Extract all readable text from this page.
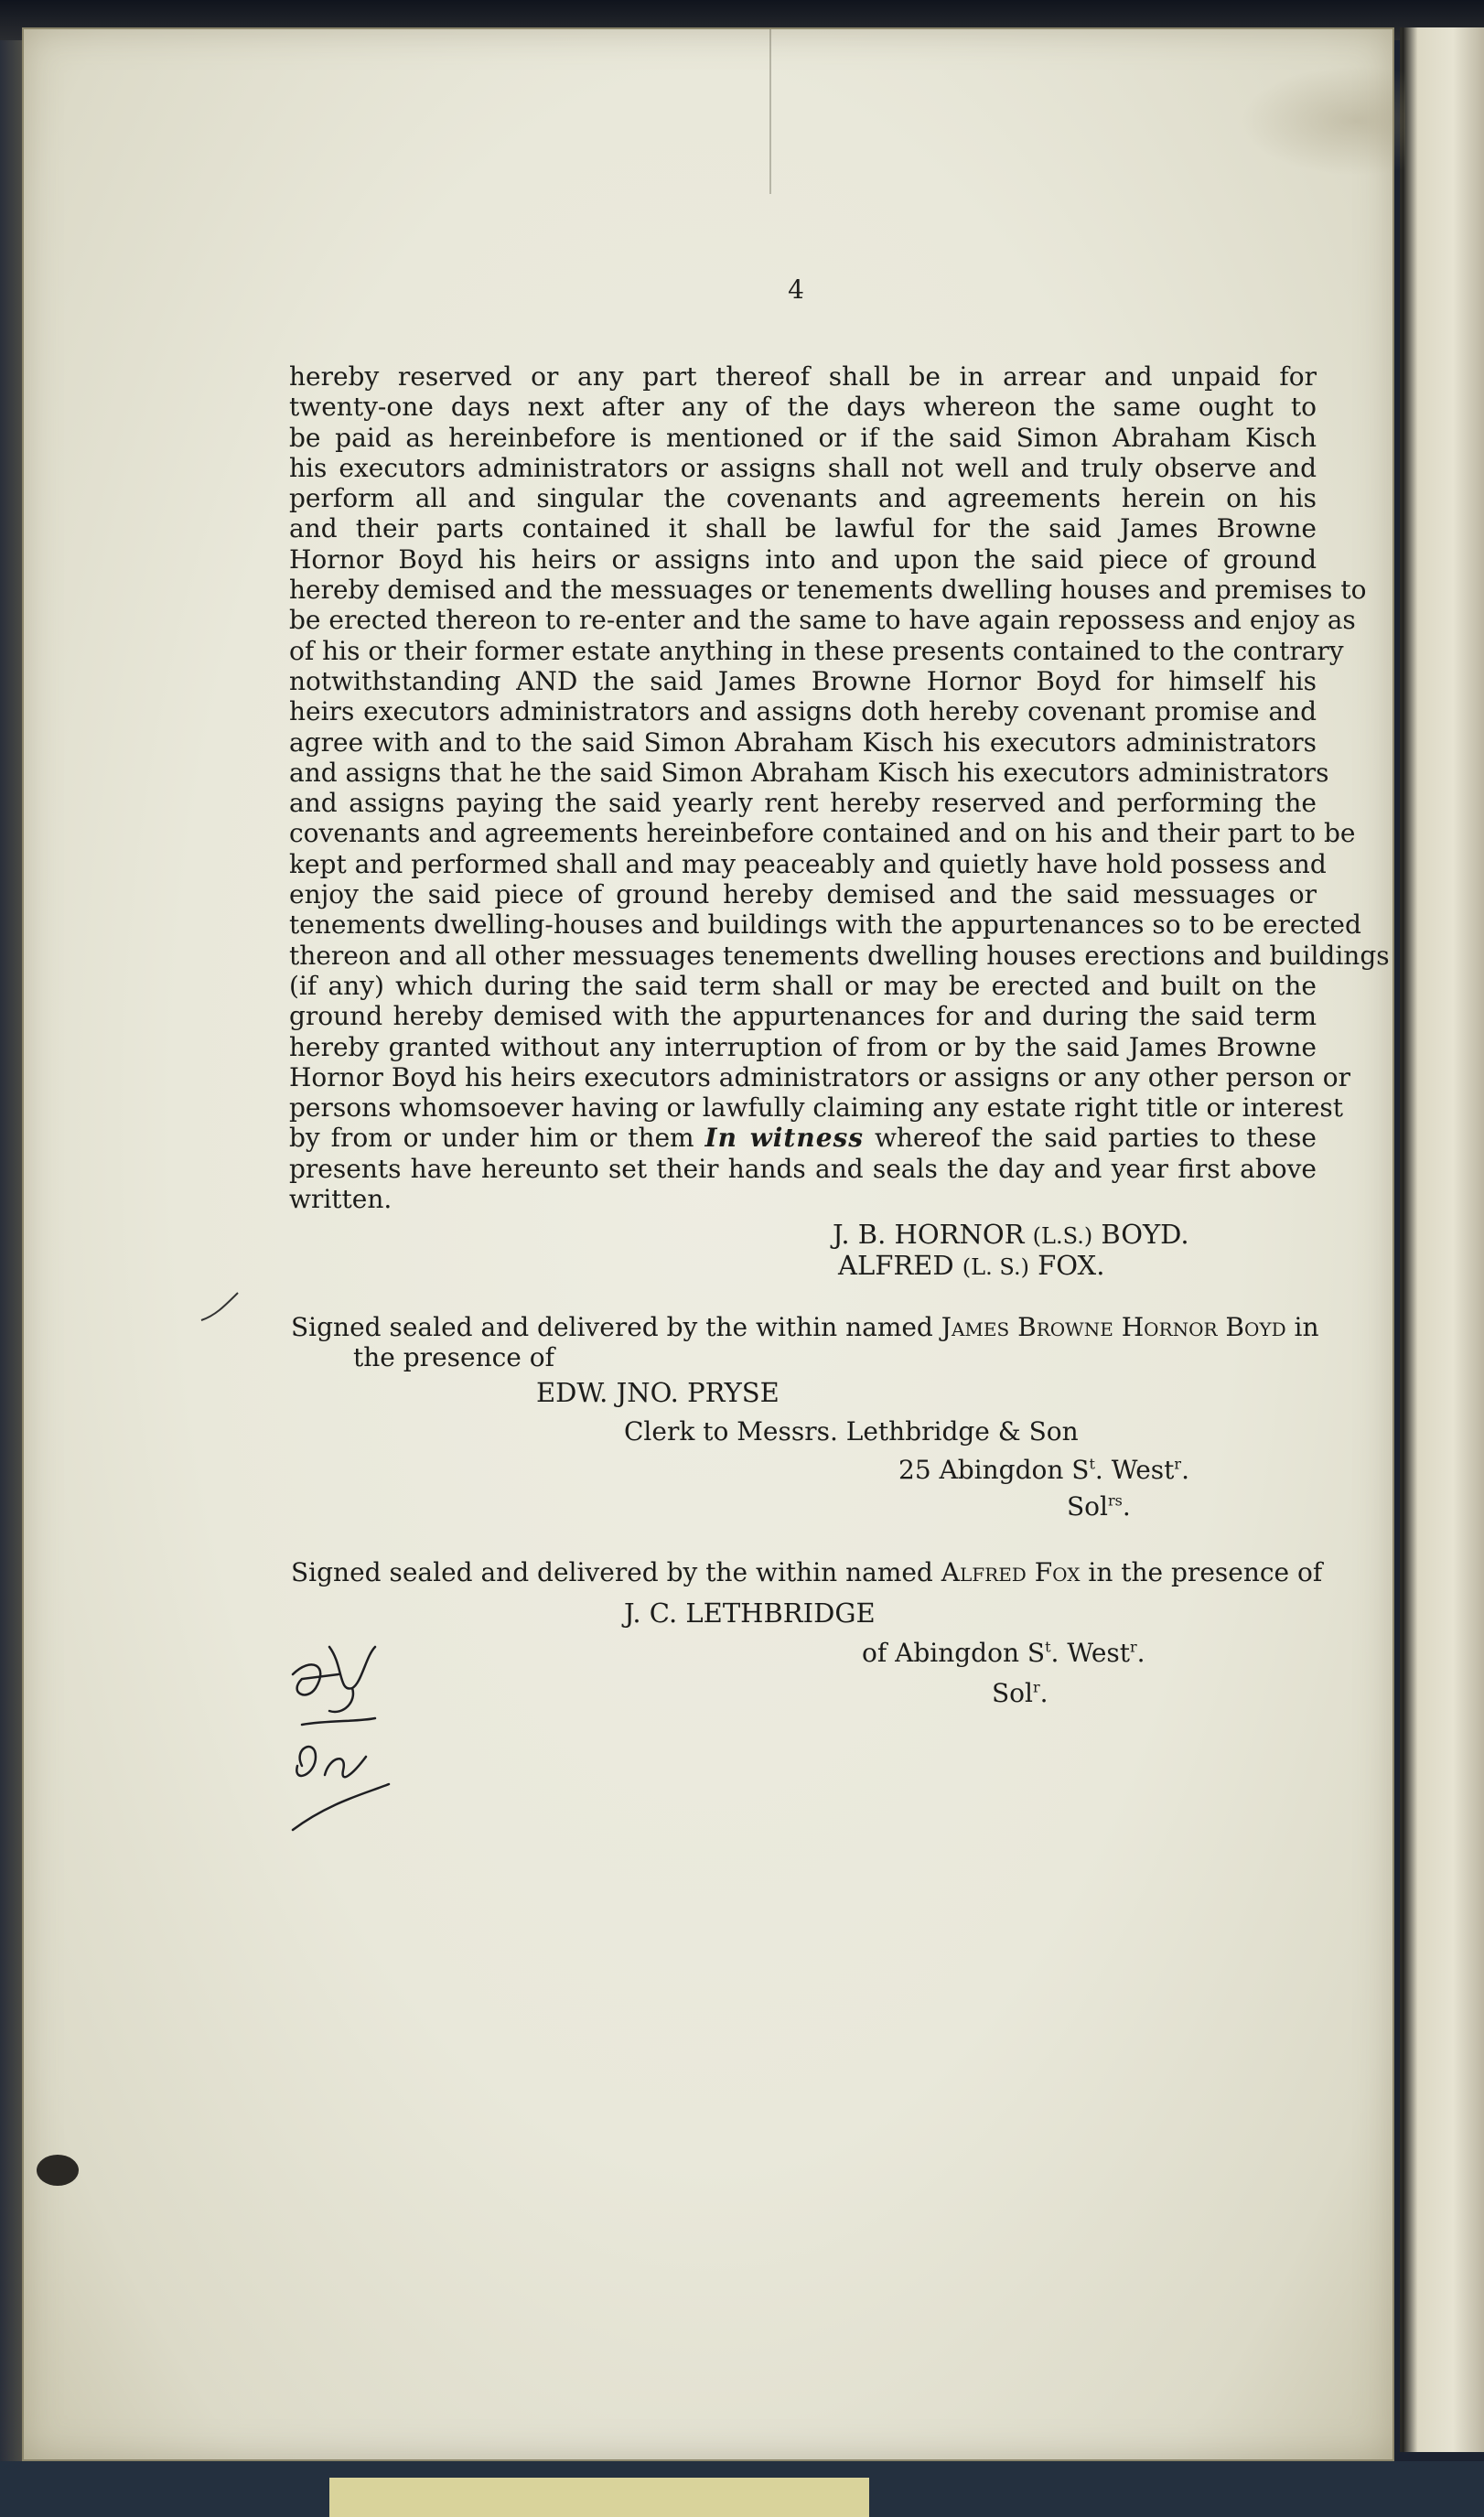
4

hereby reserved or any part thereof shall be in arrear and unpaid for
twenty-one days next after any of the days whereon the same ought to
be paid as hereinbefore is mentioned or if the said Simon Abraham Kisch
his executors administrators or assigns shall not well and truly observe and
perform all and singular the covenants and agreements herein on his
and their parts contained it shall be lawful for the said James Browne
Hornor Boyd his heirs or assigns into and upon the said piece of ground
hereby demised and the messuages or tenements dwelling houses and premises to
be erected thereon to re-enter and the same to have again repossess and enjoy as
of his or their former estate anything in these presents contained to the contrary
notwithstanding AND the said James Browne Hornor Boyd for himself his
heirs executors administrators and assigns doth hereby covenant promise and
agree with and to the said Simon Abraham Kisch his executors administrators
and assigns that he the said Simon Abraham Kisch his executors administrators
and assigns paying the said yearly rent hereby reserved and performing the
covenants and agreements hereinbefore contained and on his and their part to be
kept and performed shall and may peaceably and quietly have hold possess and
enjoy the said piece of ground hereby demised and the said messuages or
tenements dwelling-houses and buildings with the appurtenances so to be erected
thereon and all other messuages tenements dwelling houses erections and buildings
(if any) which during the said term shall or may be erected and built on the
ground hereby demised with the appurtenances for and during the said term
hereby granted without any interruption of from or by the said James Browne
Hornor Boyd his heirs executors administrators or assigns or any other person or
persons whomsoever having or lawfully claiming any estate right title or interest
by from or under him or them In witness whereof the said parties to these
presents have hereunto set their hands and seals the day and year first above
written.

J. B. HORNOR (L.S.) BOYD.
ALFRED (L. S.) FOX.
Signed sealed and delivered by the within named James Browne Hornor Boyd in
the presence of
EDW. JNO. PRYSE
Clerk to Messrs. Lethbridge & Son
25 Abingdon $S^t$. West$^r$.
Sol$^{rs}$.
Signed sealed and delivered by the within named Alfred Fox in the presence of
J. C. LETHBRIDGE
of Abingdon $S^t$. West$^r$.
Sol$^r$.
